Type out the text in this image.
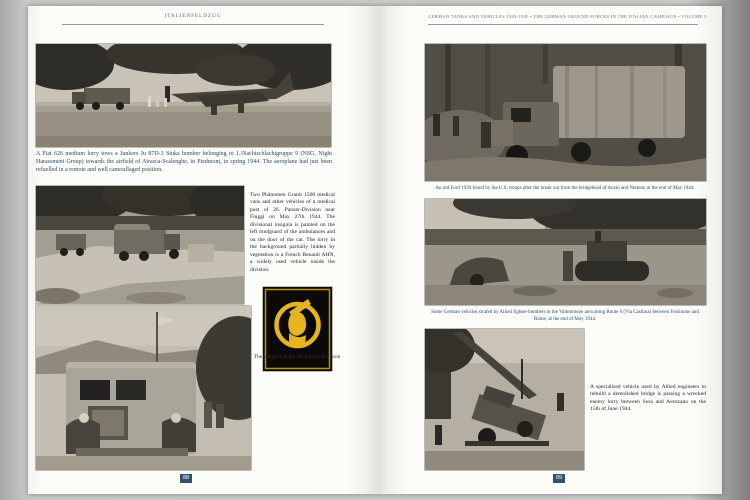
ITALIENFELDZUG
A Fiat 626 medium lorry tows a Junkers Ju 87D-3 Stuka bomber belonging to 1./Nachtschlachtgruppe 9 (NSG, Night Harassment Group) towards the airfield of Airasca-Scalenghe, in Piedmont, in spring 1944. The aeroplane had just been refuelled in a remote and well camouflaged position.
Two Phänomen Granit 1500 medical vans and other vehicles of a medical post of 26. Panzer-Division near Fiuggi on May 27th 1944. The divisional insignia is painted on the left mudguard of the ambulances and on the door of the car. The lorry in the background partially hidden by vegetation is a French Renault AHN, a widely used vehicle inside the division.
The insignia of the 26. Panzer-Division
88
GERMAN TANKS AND VEHICLES 1943-1945 • THE GERMAN GROUND FORCES IN THE ITALIAN CAMPAIGN • VOLUME 3
An old Ford 1930 found by the U.S. troops after the break out from the bridgehead of Anzio and Nettuno at the end of May 1944.
Some German vehicles strafed by Allied fighter-bombers in the Valmontone area along Route 6 (Via Casilina) between Frosinone and Rome, at the end of May 1944.
A specialised vehicle used by Allied engineers to rebuild a demolished bridge is passing a wrecked enemy lorry between Sora and Avezzano on the 15th of June 1944.
89
